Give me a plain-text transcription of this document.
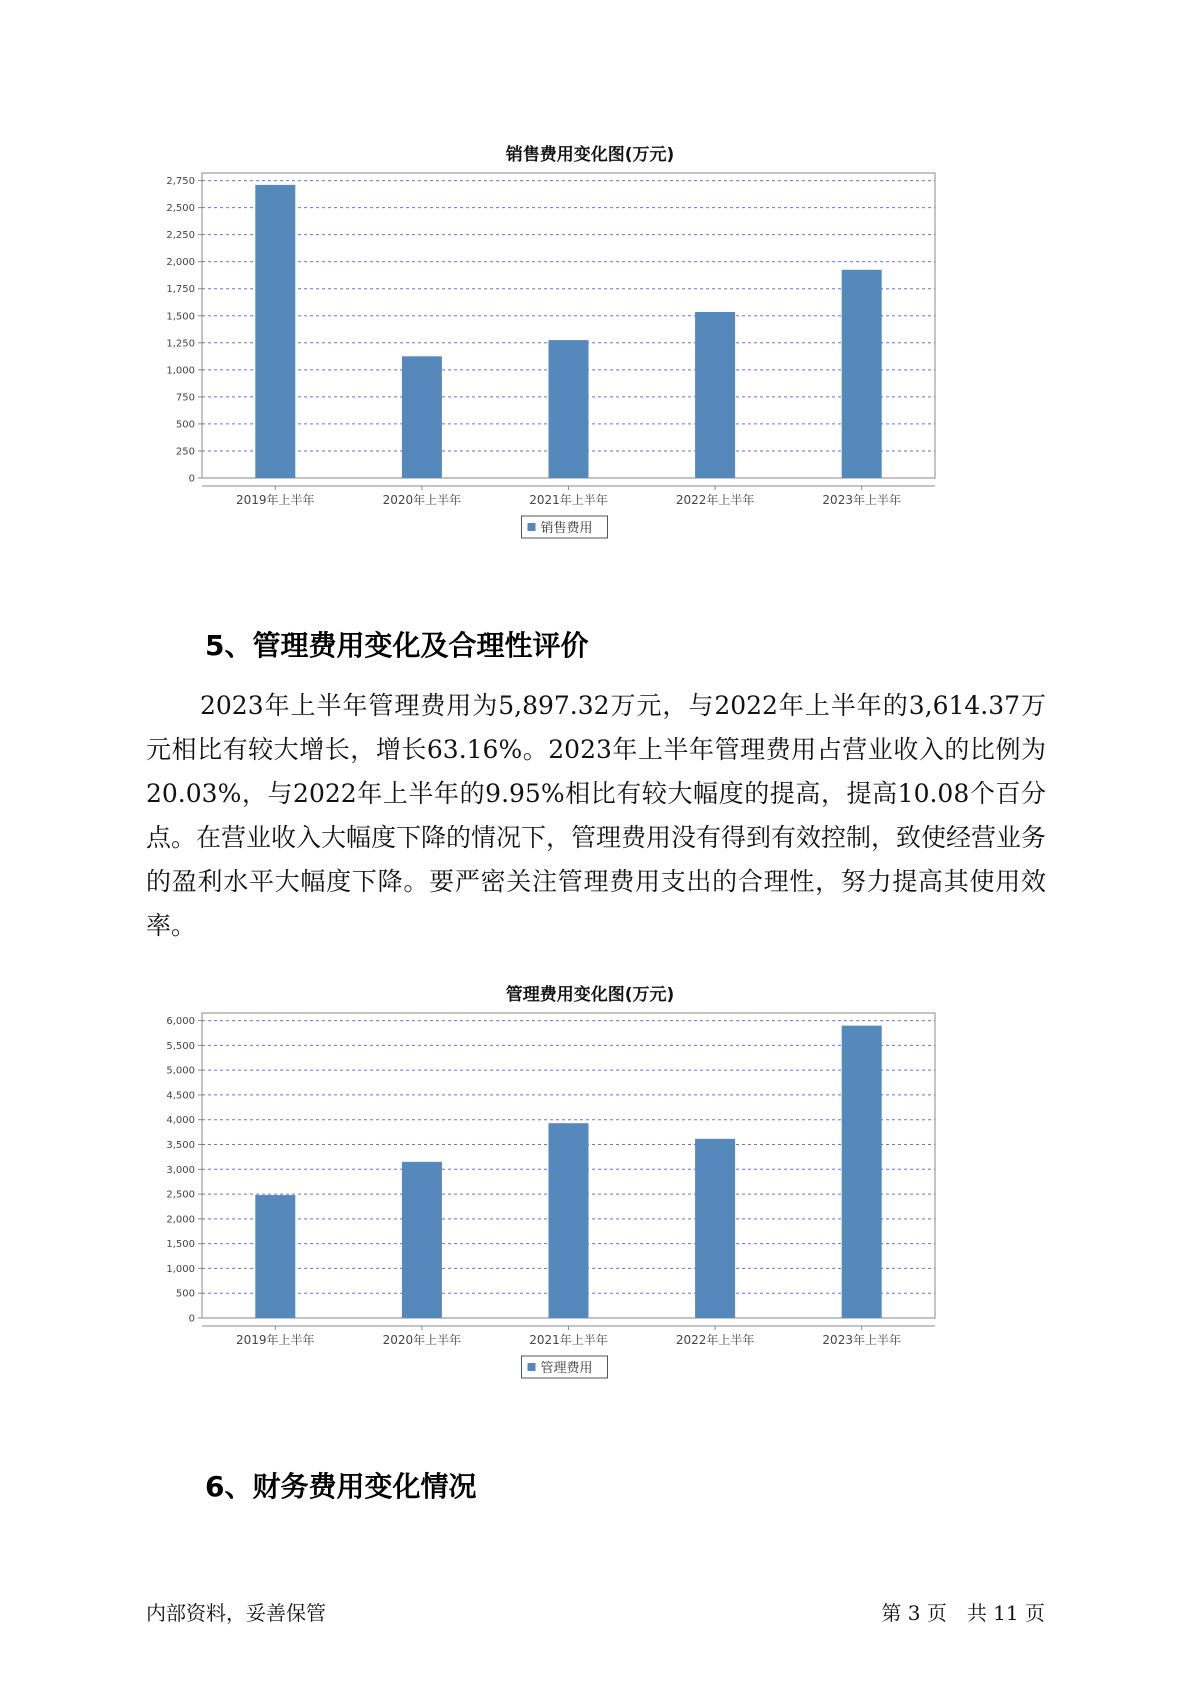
销售费用变化图(万元)
0
250
500
750
1,000
1,250
1,500
1,750
2,000
2,250
2,500
2,750
2019年上半年	2020年上半年	2021年上半年	2022年上半年	2023年上半年
销售费用
5、管理费用变化及合理性评价

2023年上半年管理费用为5,897.32万元，与2022年上半年的3,614.37万元相比有较大增长，增长63.16%。2023年上半年管理费用占营业收入的比例为20.03%，与2022年上半年的9.95%相比有较大幅度的提高，提高10.08个百分点。在营业收入大幅度下降的情况下，管理费用没有得到有效控制，致使经营业务的盈利水平大幅度下降。要严密关注管理费用支出的合理性，努力提高其使用效率。

管理费用变化图(万元)
0
500
1,000
1,500
2,000
2,500
3,000
3,500
4,000
4,500
5,000
5,500
6,000
2019年上半年	2020年上半年	2021年上半年	2022年上半年	2023年上半年
管理费用
6、财务费用变化情况
内部资料，妥善保管	第 3 页　共 11 页
